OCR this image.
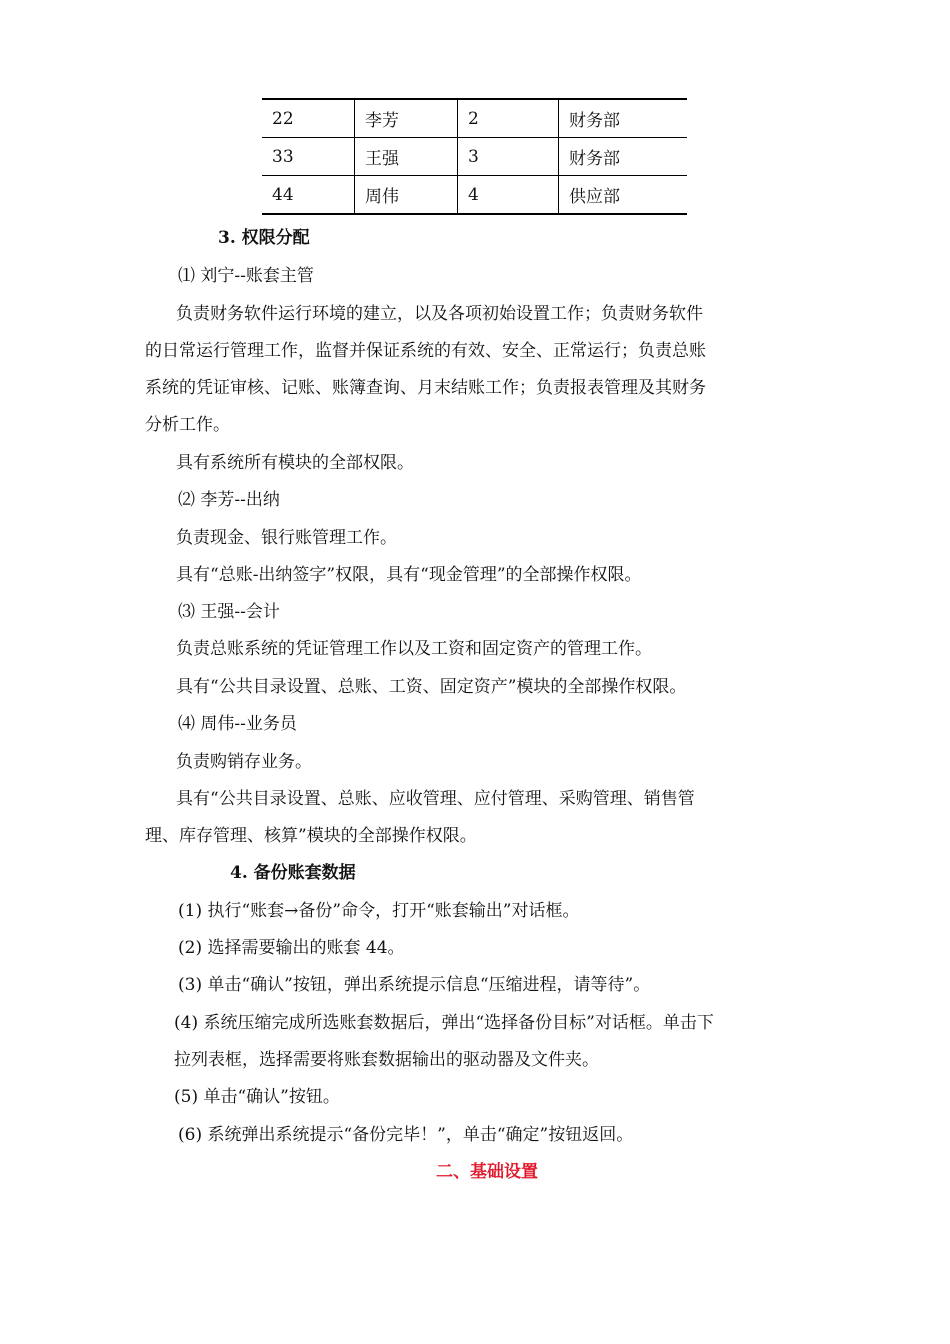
22	李芳	2	财务部
33	王强	3	财务部
44	周伟	4	供应部
3. 权限分配
⑴ 刘宁--账套主管
负责财务软件运行环境的建立，以及各项初始设置工作；负责财务软件
的日常运行管理工作，监督并保证系统的有效、安全、正常运行；负责总账
系统的凭证审核、记账、账簿查询、月末结账工作；负责报表管理及其财务
分析工作。
具有系统所有模块的全部权限。
⑵ 李芳--出纳
负责现金、银行账管理工作。
具有“总账-出纳签字”权限，具有“现金管理”的全部操作权限。
⑶ 王强--会计
负责总账系统的凭证管理工作以及工资和固定资产的管理工作。
具有“公共目录设置、总账、工资、固定资产”模块的全部操作权限。
⑷ 周伟--业务员
负责购销存业务。
具有“公共目录设置、总账、应收管理、应付管理、采购管理、销售管
理、库存管理、核算”模块的全部操作权限。
4. 备份账套数据
(1) 执行“账套→备份”命令，打开“账套输出”对话框。
(2) 选择需要输出的账套 44。
(3) 单击“确认”按钮，弹出系统提示信息“压缩进程，请等待”。
(4) 系统压缩完成所选账套数据后，弹出“选择备份目标”对话框。单击下
拉列表框，选择需要将账套数据输出的驱动器及文件夹。
(5) 单击“确认”按钮。
(6) 系统弹出系统提示“备份完毕！”，单击“确定”按钮返回。
二、基础设置
